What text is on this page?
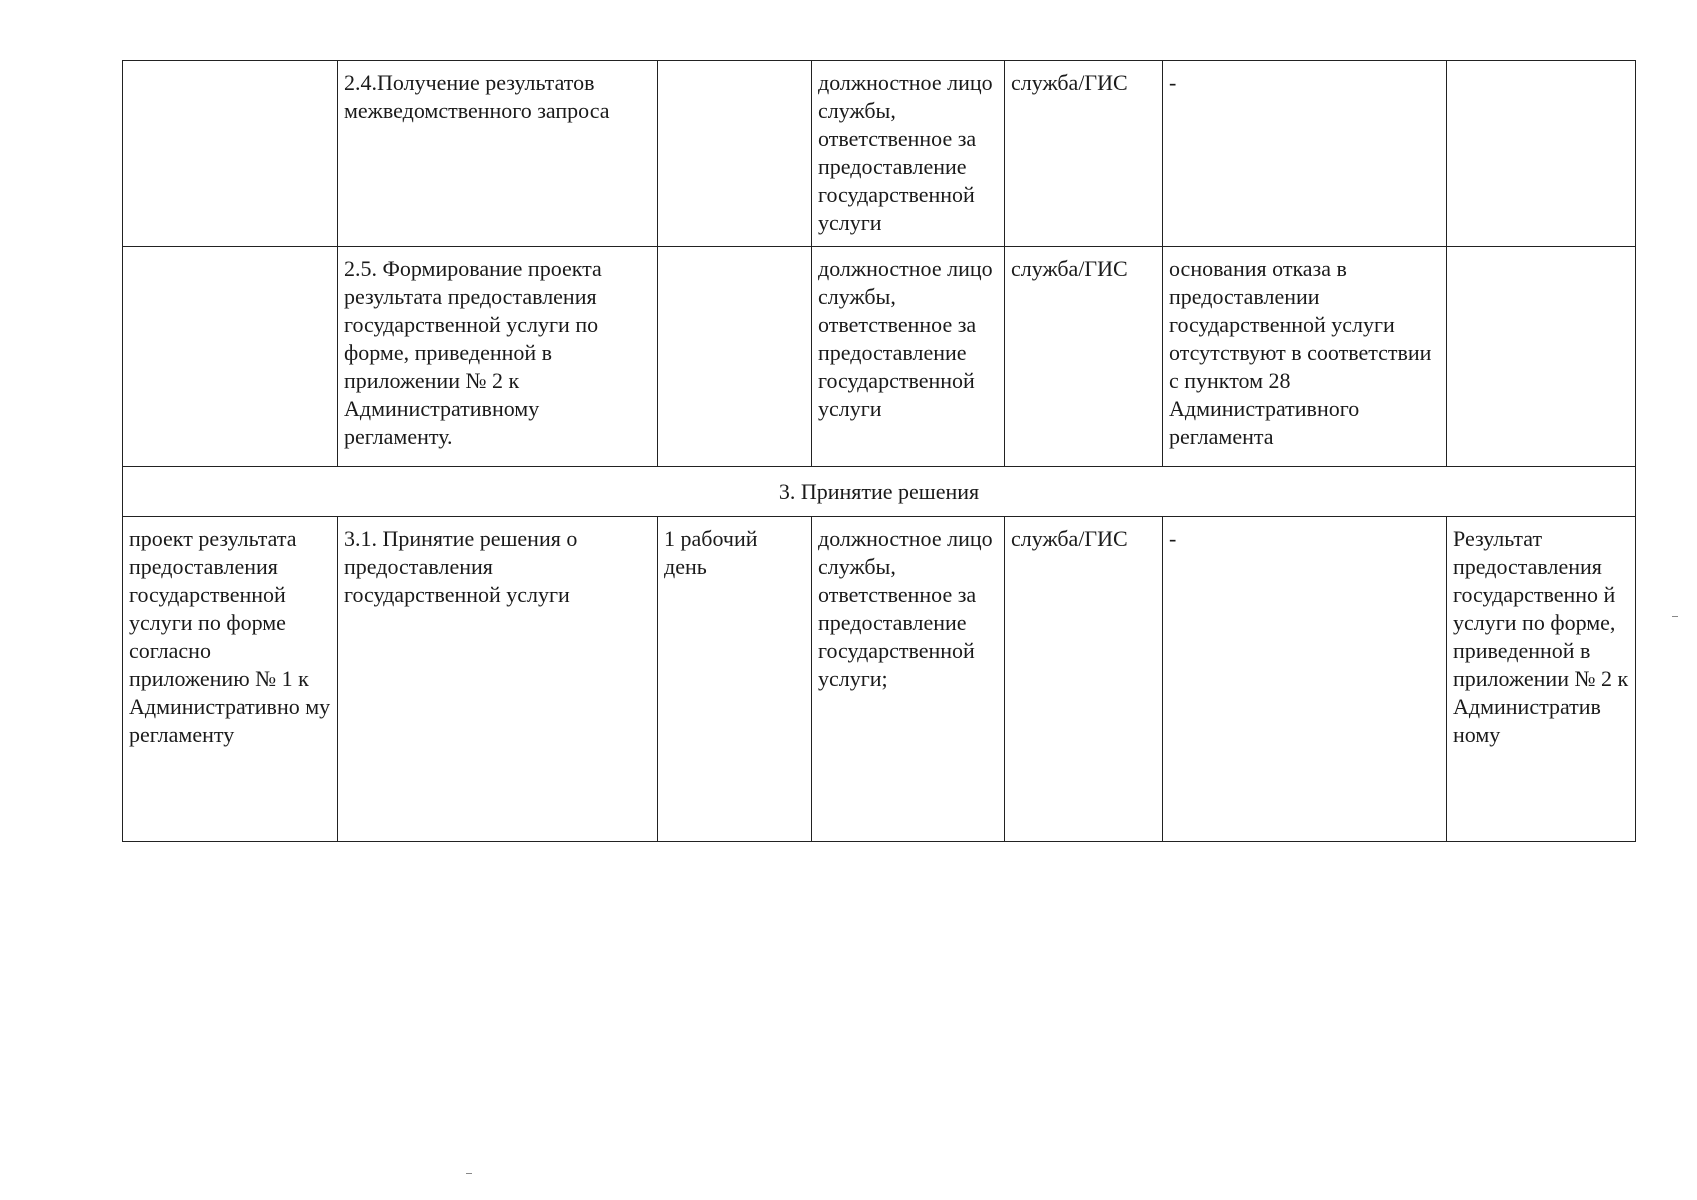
	2.4.Получение результатов межведомственного запроса		должностное лицо службы, ответственное за предоставление государственной услуги	служба/ГИС	-	
	2.5. Формирование проекта результата предоставления государственной услуги по форме, приведенной в приложении № 2 к Административному регламенту.		должностное лицо службы, ответственное за предоставление государственной услуги	служба/ГИС	основания отказа в предоставлении государственной услуги отсутствуют в соответствии с пунктом 28 Административного регламента	
3. Принятие решения						
проект результата предоставления государственной услуги по форме согласно приложению № 1 к Административно му регламенту	3.1. Принятие решения о предоставления государственной услуги	1 рабочий день	должностное лицо службы, ответственное за предоставление государственной услуги;	служба/ГИС	-	Результат предоставления государственно й услуги по форме, приведенной в приложении № 2 к Административ ному
